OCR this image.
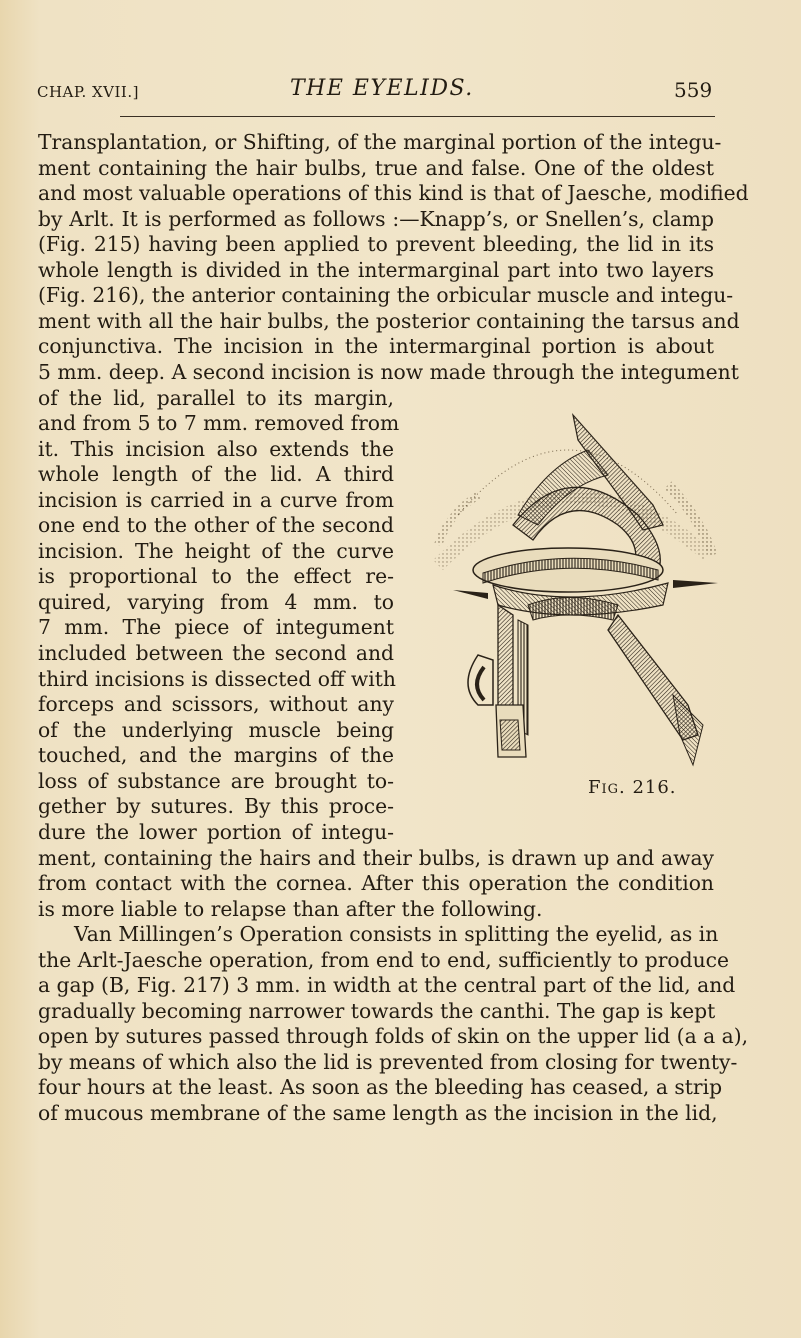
CHAP. XVII.]	THE EYELIDS.	559
Transplantation, or Shifting, of the marginal portion of the integu-
ment containing the hair bulbs, true and false. One of the oldest
and most valuable operations of this kind is that of Jaesche, modified
by Arlt. It is performed as follows :—Knapp’s, or Snellen’s, clamp
(Fig. 215) having been applied to prevent bleeding, the lid in its
whole length is divided in the intermarginal part into two layers
(Fig. 216), the anterior containing the orbicular muscle and integu-
ment with all the hair bulbs, the posterior containing the tarsus and
conjunctiva. The incision in the intermarginal portion is about
5 mm. deep. A second incision is now made through the integument
of the lid, parallel to its margin,
and from 5 to 7 mm. removed from
it. This incision also extends the
whole length of the lid. A third
incision is carried in a curve from
one end to the other of the second
incision. The height of the curve
is proportional to the effect re-
quired, varying from 4 mm. to
7 mm. The piece of integument
included between the second and
third incisions is dissected off with
forceps and scissors, without any
of the underlying muscle being
touched, and the margins of the
loss of substance are brought to-
gether by sutures. By this proce-
dure the lower portion of integu-
Fig. 216.
ment, containing the hairs and their bulbs, is drawn up and away
from contact with the cornea. After this operation the condition
is more liable to relapse than after the following.
Van Millingen’s Operation consists in splitting the eyelid, as in
the Arlt-Jaesche operation, from end to end, sufficiently to produce
a gap (B, Fig. 217) 3 mm. in width at the central part of the lid, and
gradually becoming narrower towards the canthi. The gap is kept
open by sutures passed through folds of skin on the upper lid (a a a),
by means of which also the lid is prevented from closing for twenty-
four hours at the least. As soon as the bleeding has ceased, a strip
of mucous membrane of the same length as the incision in the lid,
